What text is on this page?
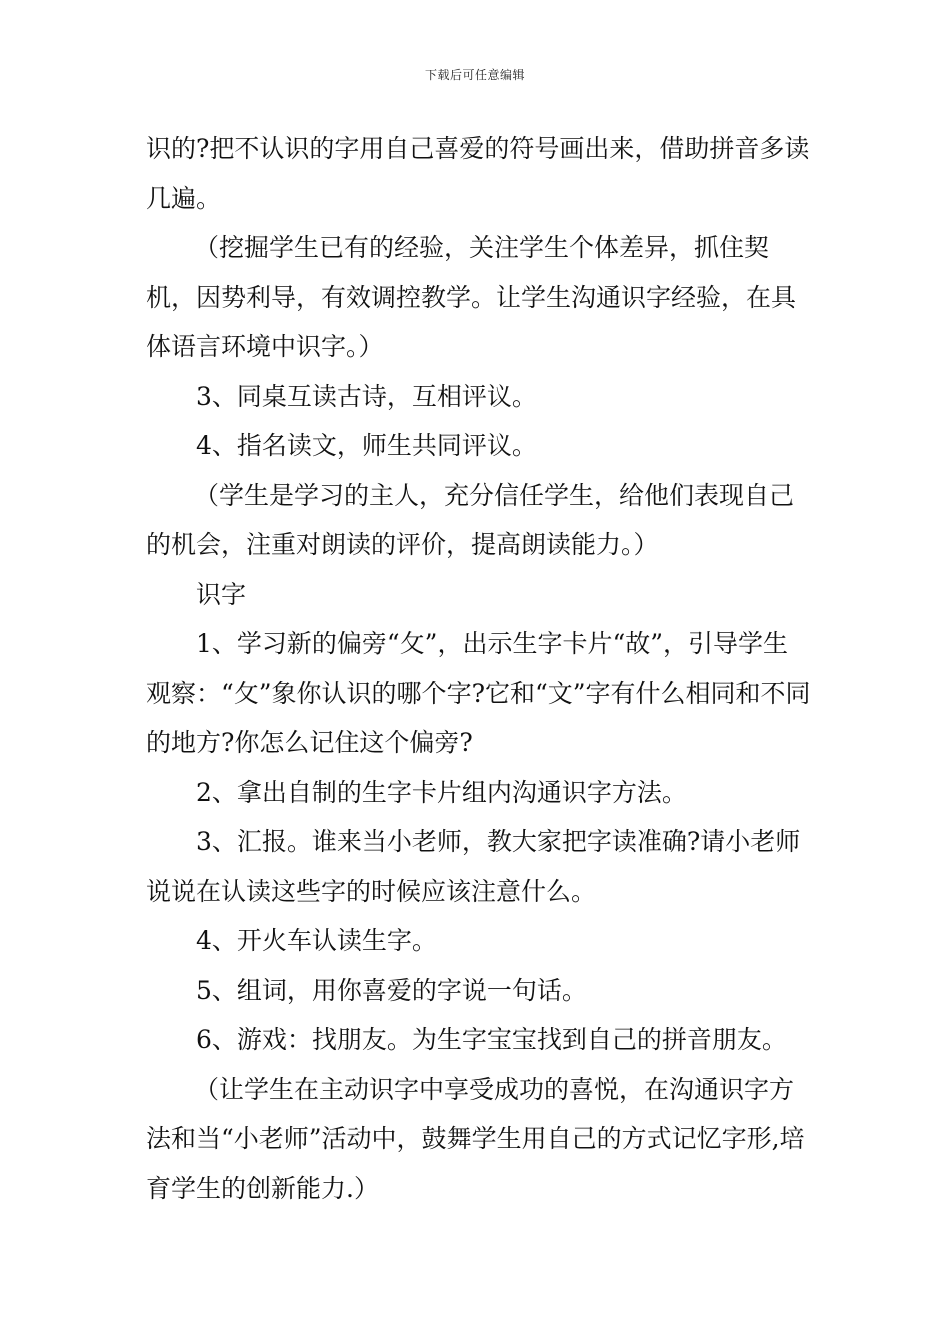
下载后可任意编辑

识的?把不认识的字用自己喜爱的符号画出来，借助拼音多读几遍。

（挖掘学生已有的经验，关注学生个体差异，抓住契机，因势利导，有效调控教学。让学生沟通识字经验，在具体语言环境中识字。）

3、同桌互读古诗，互相评议。

4、指名读文，师生共同评议。

（学生是学习的主人，充分信任学生，给他们表现自己的机会，注重对朗读的评价，提高朗读能力。）

识字

1、学习新的偏旁“攵”，出示生字卡片“故”，引导学生观察：“攵”象你认识的哪个字?它和“文”字有什么相同和不同的地方?你怎么记住这个偏旁?

2、拿出自制的生字卡片组内沟通识字方法。

3、汇报。谁来当小老师，教大家把字读准确?请小老师说说在认读这些字的时候应该注意什么。

4、开火车认读生字。

5、组词，用你喜爱的字说一句话。

6、游戏：找朋友。为生字宝宝找到自己的拼音朋友。

（让学生在主动识字中享受成功的喜悦，在沟通识字方法和当“小老师”活动中，鼓舞学生用自己的方式记忆字形,培育学生的创新能力.）
